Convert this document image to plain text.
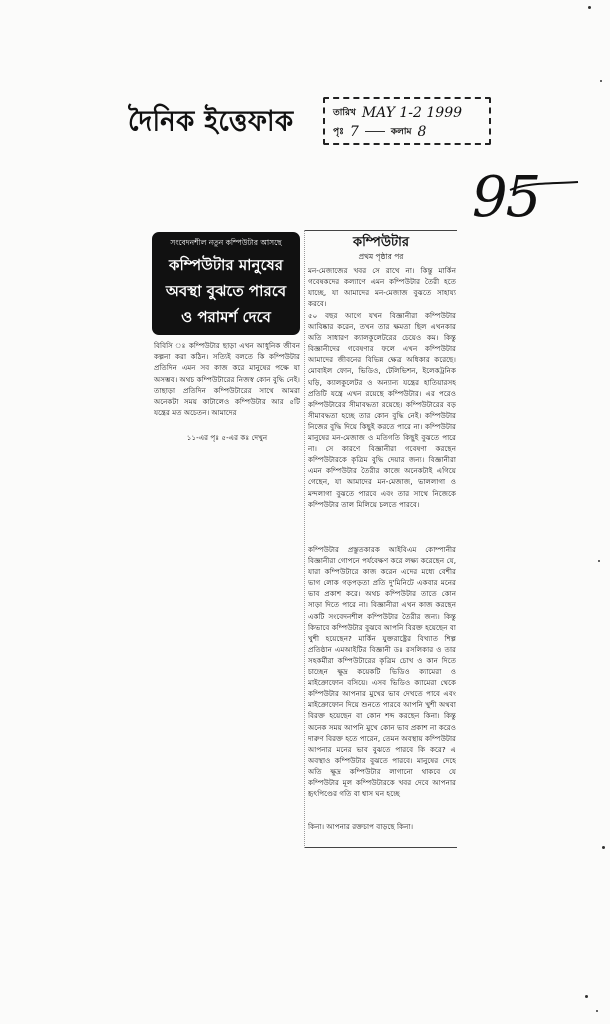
দৈনিক ইত্তেফাক	তারিখ MAY 1-2 1999
পৃঃ 7	কলাম 8
95
সংবেদনশীল নতুন কম্পিউটার আসছে
কম্পিউটার মানুষের অবস্থা বুঝতে পারবে ও পরামর্শ দেবে
বিবিসি ঃ কম্পিউটার ছাড়া এখন আধুনিক জীবন কল্পনা করা কঠিন। সত্যিই বলতে কি কম্পিউটার প্রতিদিন এমন সব কাজ করে মানুষের পক্ষে যা অসম্ভব। অথচ কম্পিউটারের নিজস্ব কোন বুদ্ধি নেই। তাছাড়া প্রতিদিন কম্পিউটারের সাথে আমরা অনেকটা সময় কাটালেও কম্পিউটার আর ৫টি যন্ত্রের মত অচেতন। আমাদের
১১-এর পৃঃ ৫-এর কঃ দেখুন
কম্পিউটার
প্রথম পৃষ্ঠার পর
মন-মেজাজের খবর সে রাখে না। কিন্তু মার্কিন গবেষকদের কল্যাণে এমন কম্পিউটার তৈরী হতে যাচ্ছে, যা আমাদের মন-মেজাজ বুঝতে সাহায্য করবে।
৫০ বছর আগে যখন বিজ্ঞানীরা কম্পিউটার আবিষ্কার করেন, তখন তার ক্ষমতা ছিল এখনকার অতি সাধারণ ক্যালকুলেটরের চেয়েও কম। কিন্তু বিজ্ঞানীদের গবেষণার ফলে এখন কম্পিউটার আমাদের জীবনের বিভিন্ন ক্ষেত্র অধিকার করেছে। মোবাইল ফোন, ভিডিও, টেলিভিশন, ইলেকট্রনিক ঘড়ি, ক্যালকুলেটর ও অন্যান্য যন্ত্রের হাতিয়ারসহ প্রতিটি যন্ত্রে এখন রয়েছে কম্পিউটার। এর পরেও কম্পিউটারের সীমাবদ্ধতা রয়েছে। কম্পিউটারের বড় সীমাবদ্ধতা হচ্ছে তার কোন বুদ্ধি নেই। কম্পিউটার নিজের বুদ্ধি দিয়ে কিছুই করতে পারে না। কম্পিউটার মানুষের মন-মেজাজ ও মতিগতি কিছুই বুঝতে পারে না। সে কারণে বিজ্ঞানীরা গবেষণা করছেন কম্পিউটারকে কৃত্রিম বুদ্ধি দেয়ার জন্য। বিজ্ঞানীরা এমন কম্পিউটার তৈরীর কাজে অনেকটাই এগিয়ে গেছেন, যা আমাদের মন-মেজাজ, ভাললাগা ও মন্দলাগা বুঝতে পারবে এবং তার সাথে নিজেকে কম্পিউটার তাল মিলিয়ে চলতে পারবে।
কম্পিউটার প্রস্তুতকারক আইবিএম কোম্পানীর বিজ্ঞানীরা গোপনে পর্যবেক্ষণ করে লক্ষ্য করেছেন যে, যারা কম্পিউটারে কাজ করেন এদের মধ্যে বেশীর ভাগ লোক গড়পড়তা প্রতি দু'মিনিটে একবার মনের ভাব প্রকাশ করে। অথচ কম্পিউটার তাতে কোন সাড়া দিতে পারে না। বিজ্ঞানীরা এখন কাজ করছেন একটি সংবেদনশীল কম্পিউটার তৈরীর জন্য। কিন্তু কিভাবে কম্পিউটার বুঝবে আপনি বিরক্ত হয়েছেন বা খুশী হয়েছেন? মার্কিন যুক্তরাষ্ট্রের বিখ্যাত শিল্প প্রতিষ্ঠান এমআইটির বিজ্ঞানী ডঃ রসলিকার ও তার সহকর্মীরা কম্পিউটারের কৃত্রিম চোখ ও কান দিতে চাচ্ছেন ক্ষুদ্র কয়েকটি ভিডিও ক্যামেরা ও মাইক্রোফোন বসিয়ে। এসব ভিডিও ক্যামেরা থেকে কম্পিউটার আপনার মুখের ভাব দেখতে পাবে এবং মাইক্রোফোন দিয়ে শুনতে পারবে আপনি খুশী অথবা বিরক্ত হয়েছেন বা কোন শব্দ করছেন কিনা। কিন্তু অনেক সময় আপনি মুখে কোন ভাব প্রকাশ না করেও দারুণ বিরক্ত হতে পারেন, তেমন অবস্থায় কম্পিউটার আপনার মনের ভাব বুঝতে পারবে কি করে? এ অবস্থাও কম্পিউটার বুঝতে পারবে। মানুষের দেহে অতি ক্ষুদ্র কম্পিউটার লাগানো থাকবে যে কম্পিউটার মূল কম্পিউটারকে খবর দেবে আপনার হৃৎপিণ্ডের গতি বা শ্বাস ঘন হচ্ছে
কিনা। আপনার রক্তচাপ বাড়ছে কিনা।
